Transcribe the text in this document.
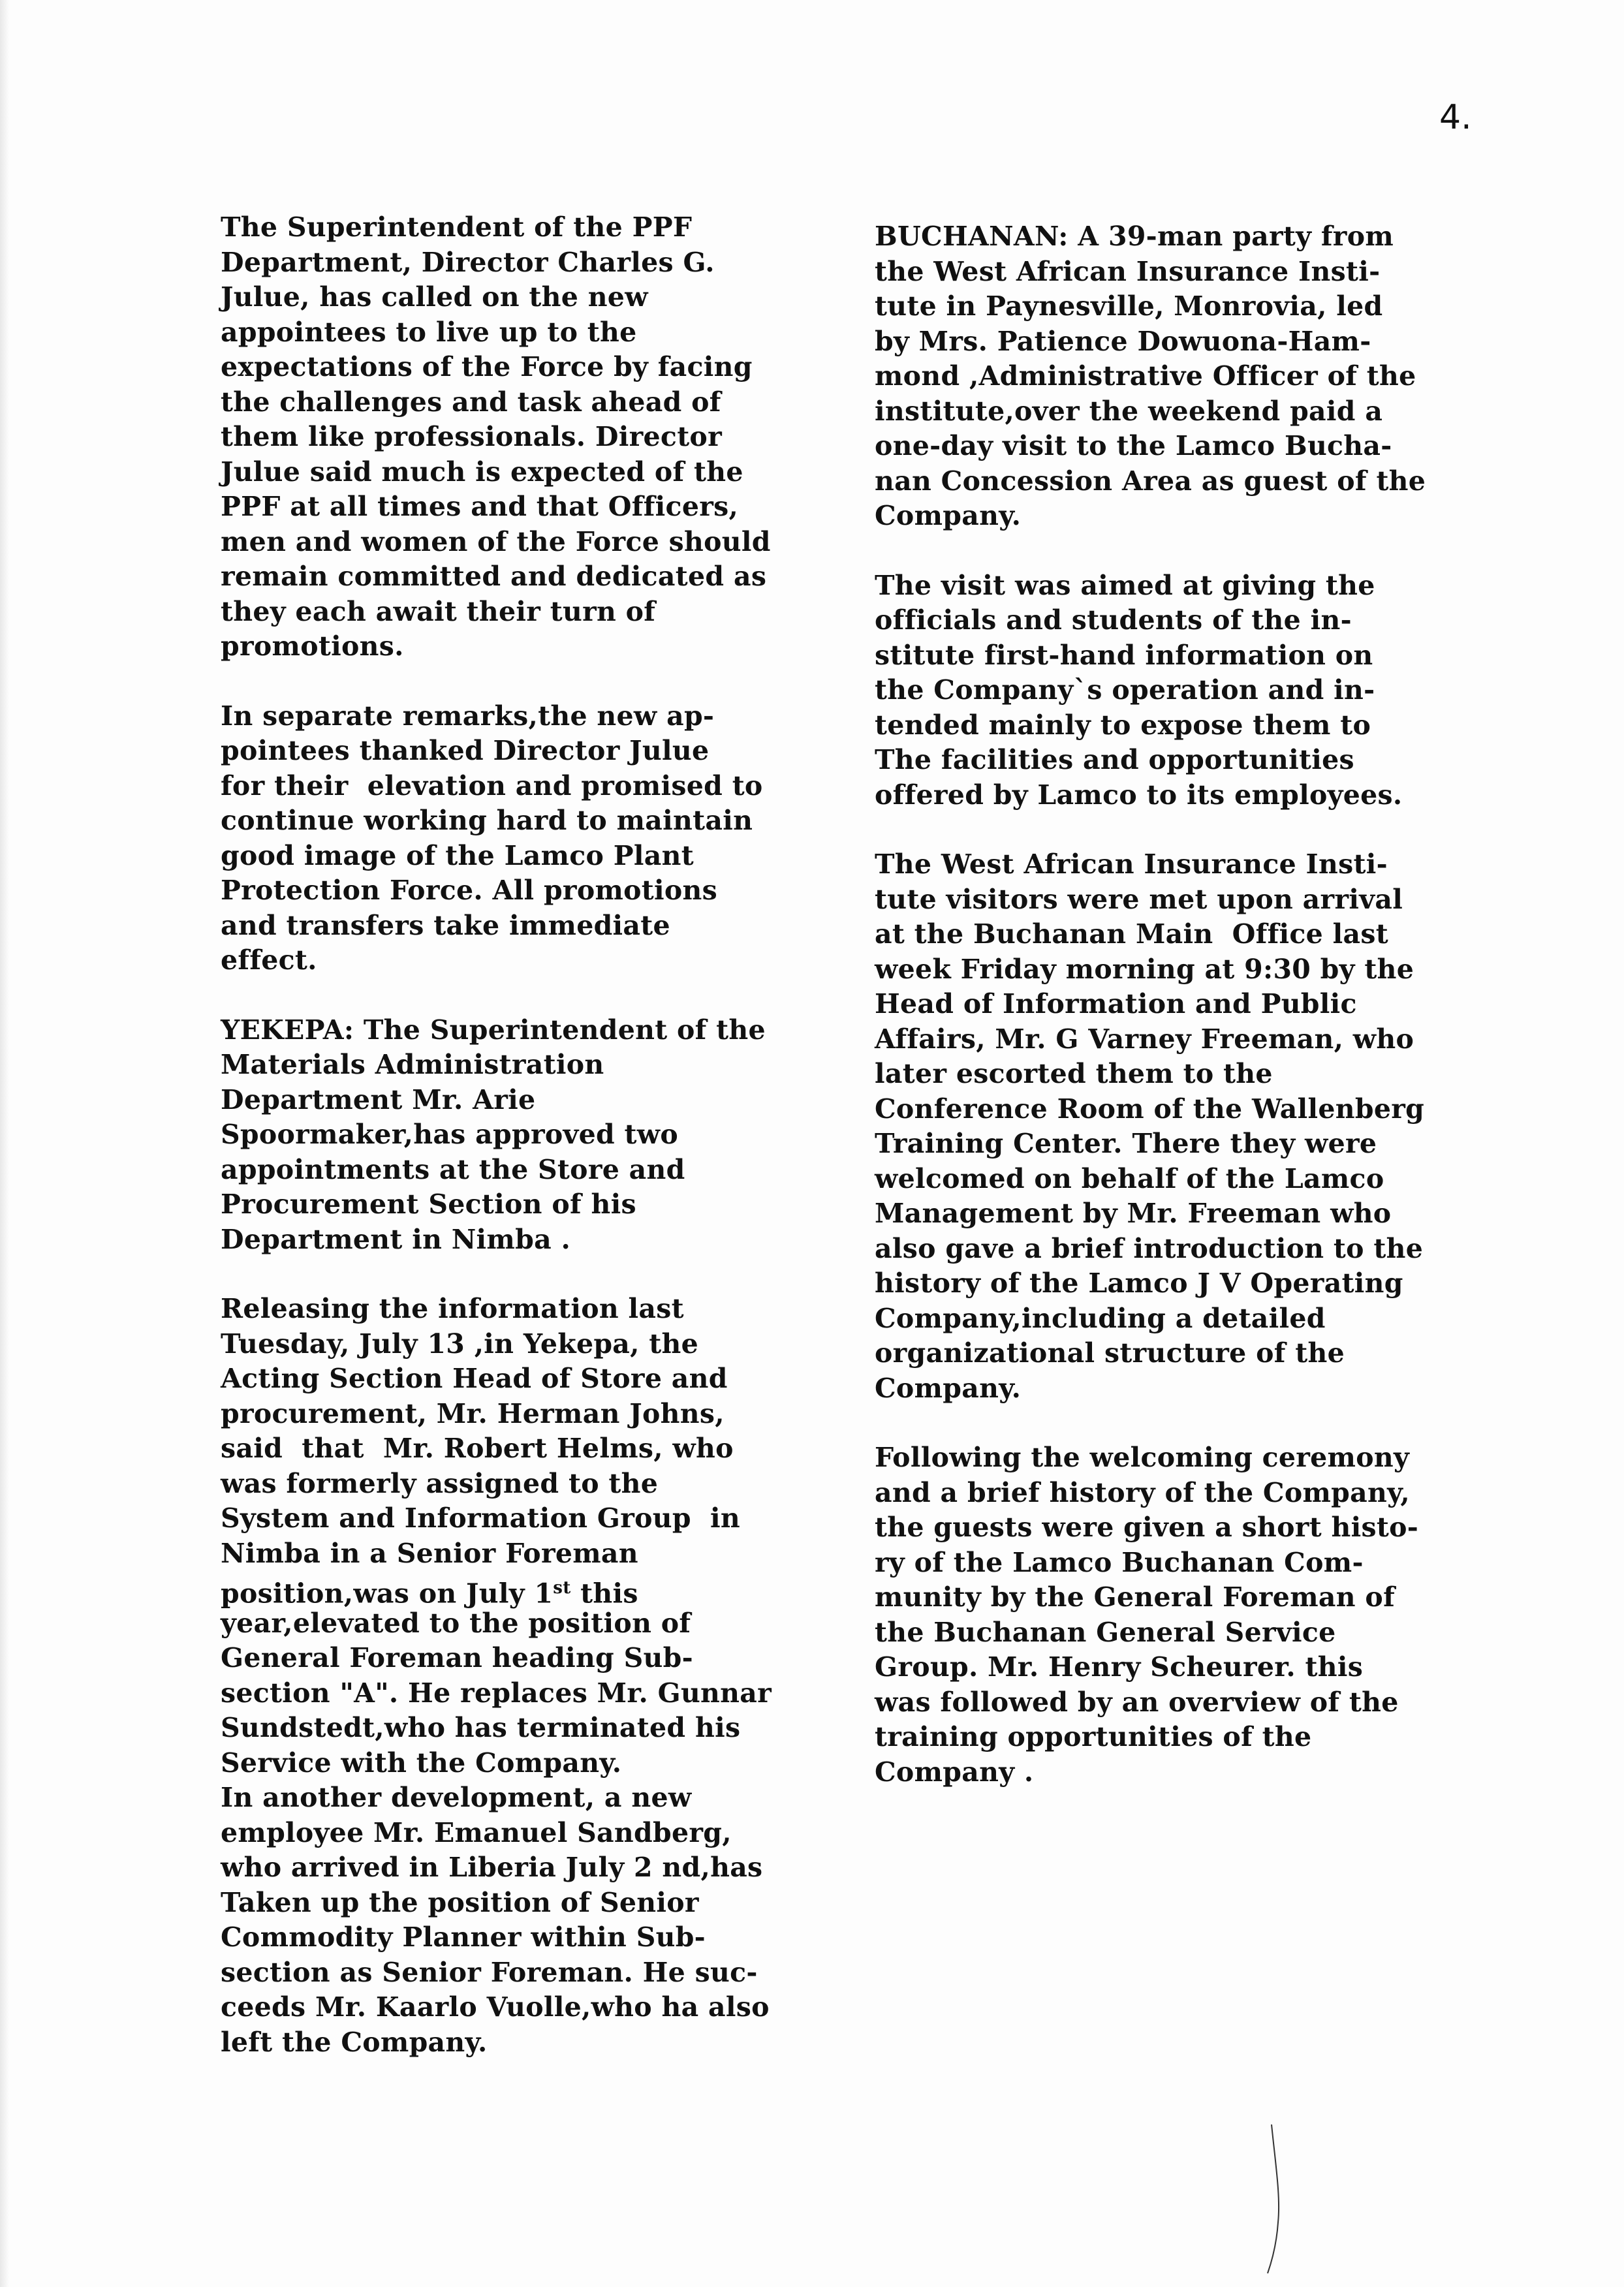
4.
The Superintendent of the PPF
Department, Director Charles G.
Julue, has called on the new
appointees to live up to the
expectations of the Force by facing
the challenges and task ahead of
them like professionals. Director
Julue said much is expected of the
PPF at all times and that Officers,
men and women of the Force should
remain committed and dedicated as
they each await their turn of
promotions.
In separate remarks,the new ap-
pointees thanked Director Julue
for their  elevation and promised to
continue working hard to maintain
good image of the Lamco Plant
Protection Force. All promotions
and transfers take immediate
effect.
YEKEPA: The Superintendent of the
Materials Administration
Department Mr. Arie
Spoormaker,has approved two
appointments at the Store and
Procurement Section of his
Department in Nimba .
Releasing the information last
Tuesday, July 13 ,in Yekepa, the
Acting Section Head of Store and
procurement, Mr. Herman Johns,
said  that  Mr. Robert Helms, who
was formerly assigned to the
System and Information Group  in
Nimba in a Senior Foreman
position,was on July 1st this
year,elevated to the position of
General Foreman heading Sub-
section "A". He replaces Mr. Gunnar
Sundstedt,who has terminated his
Service with the Company.
In another development, a new
employee Mr. Emanuel Sandberg,
who arrived in Liberia July 2 nd,has
Taken up the position of Senior
Commodity Planner within Sub-
section as Senior Foreman. He suc-
ceeds Mr. Kaarlo Vuolle,who ha also
left the Company.
BUCHANAN: A 39-man party from
the West African Insurance Insti-
tute in Paynesville, Monrovia, led
by Mrs. Patience Dowuona-Ham-
mond ,Administrative Officer of the
institute,over the weekend paid a
one-day visit to the Lamco Bucha-
nan Concession Area as guest of the
Company.
The visit was aimed at giving the
officials and students of the in-
stitute first-hand information on
the Company`s operation and in-
tended mainly to expose them to
The facilities and opportunities
offered by Lamco to its employees.
The West African Insurance Insti-
tute visitors were met upon arrival
at the Buchanan Main  Office last
week Friday morning at 9:30 by the
Head of Information and Public
Affairs, Mr. G Varney Freeman, who
later escorted them to the
Conference Room of the Wallenberg
Training Center. There they were
welcomed on behalf of the Lamco
Management by Mr. Freeman who
also gave a brief introduction to the
history of the Lamco J V Operating
Company,including a detailed
organizational structure of the
Company.
Following the welcoming ceremony
and a brief history of the Company,
the guests were given a short histo-
ry of the Lamco Buchanan Com-
munity by the General Foreman of
the Buchanan General Service
Group. Mr. Henry Scheurer. this
was followed by an overview of the
training opportunities of the
Company .
